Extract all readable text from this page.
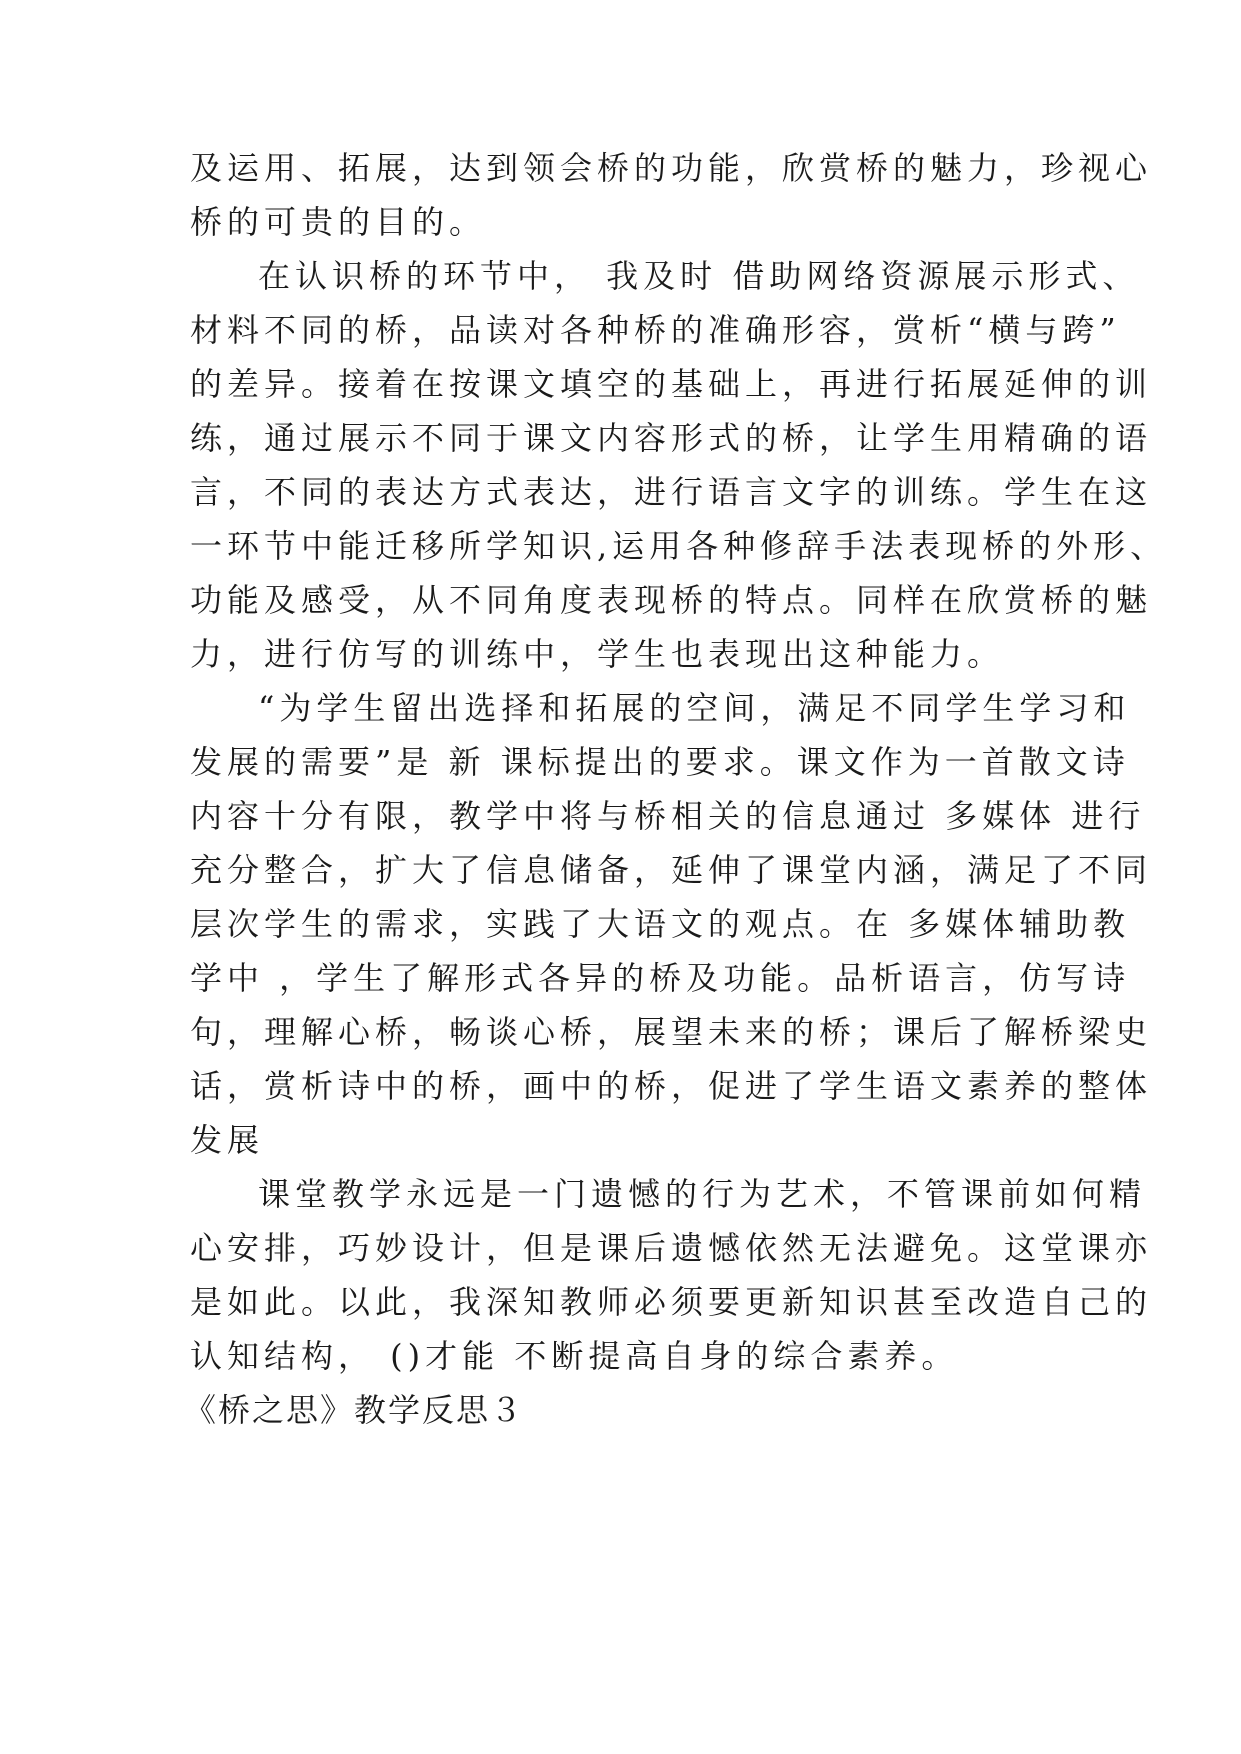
及运用、拓展，达到领会桥的功能，欣赏桥的魅力，珍视心
桥的可贵的目的。
在认识桥的环节中， 我及时 借助网络资源展示形式、
材料不同的桥，品读对各种桥的准确形容，赏析“横与跨”
的差异。接着在按课文填空的基础上，再进行拓展延伸的训
练，通过展示不同于课文内容形式的桥，让学生用精确的语
言，不同的表达方式表达，进行语言文字的训练。学生在这
一环节中能迁移所学知识,运用各种修辞手法表现桥的外形、
功能及感受，从不同角度表现桥的特点。同样在欣赏桥的魅
力，进行仿写的训练中，学生也表现出这种能力。
“为学生留出选择和拓展的空间，满足不同学生学习和
发展的需要”是 新 课标提出的要求。课文作为一首散文诗
内容十分有限，教学中将与桥相关的信息通过 多媒体 进行
充分整合，扩大了信息储备，延伸了课堂内涵，满足了不同
层次学生的需求，实践了大语文的观点。在 多媒体辅助教
学中 ，学生了解形式各异的桥及功能。品析语言，仿写诗
句，理解心桥，畅谈心桥，展望未来的桥；课后了解桥梁史
话，赏析诗中的桥，画中的桥，促进了学生语文素养的整体
发展
课堂教学永远是一门遗憾的行为艺术，不管课前如何精
心安排，巧妙设计，但是课后遗憾依然无法避免。这堂课亦
是如此。以此，我深知教师必须要更新知识甚至改造自己的
认知结构， ()才能 不断提高自身的综合素养。
《桥之思》教学反思３
